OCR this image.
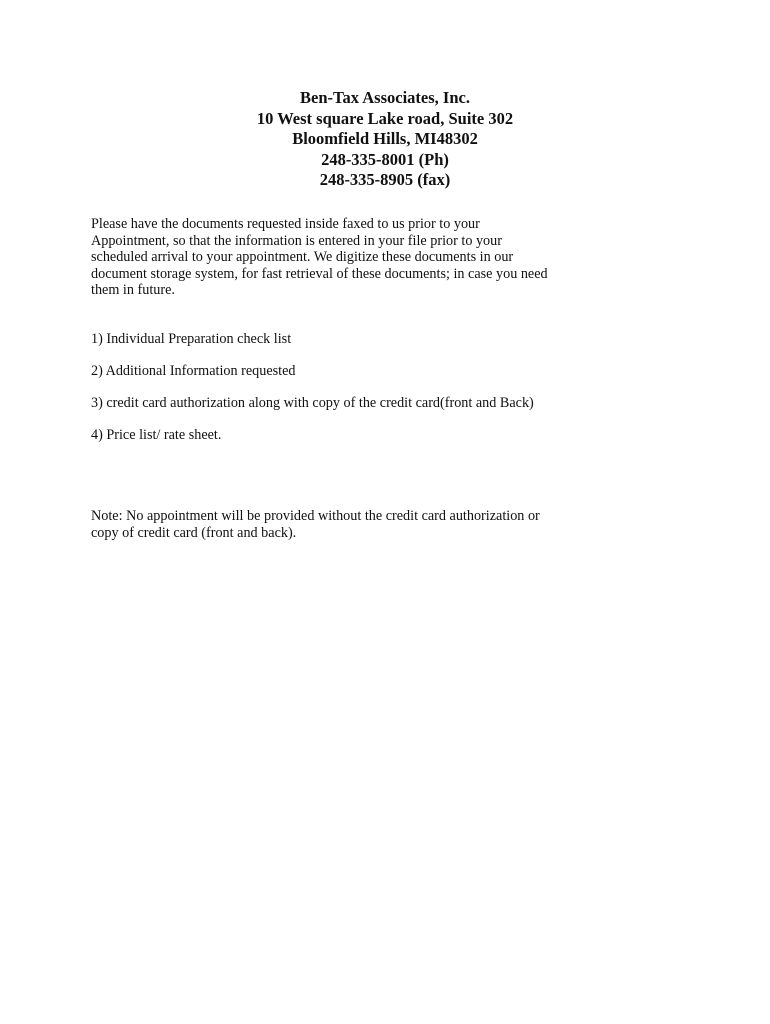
Ben-Tax Associates, Inc.
10 West square Lake road, Suite 302
Bloomfield Hills, MI48302
248-335-8001 (Ph)
248-335-8905 (fax)
Please have the documents requested inside faxed to us prior to your
Appointment, so that the information is entered in your file prior to your
scheduled arrival to your appointment. We digitize these documents in our
document storage system, for fast retrieval of these documents; in case you need
them in future.
1) Individual Preparation check list
2) Additional Information requested
3) credit card authorization along with copy of the credit card(front and Back)
4) Price list/ rate sheet.
Note: No appointment will be provided without the credit card authorization or
copy of credit card (front and back).
